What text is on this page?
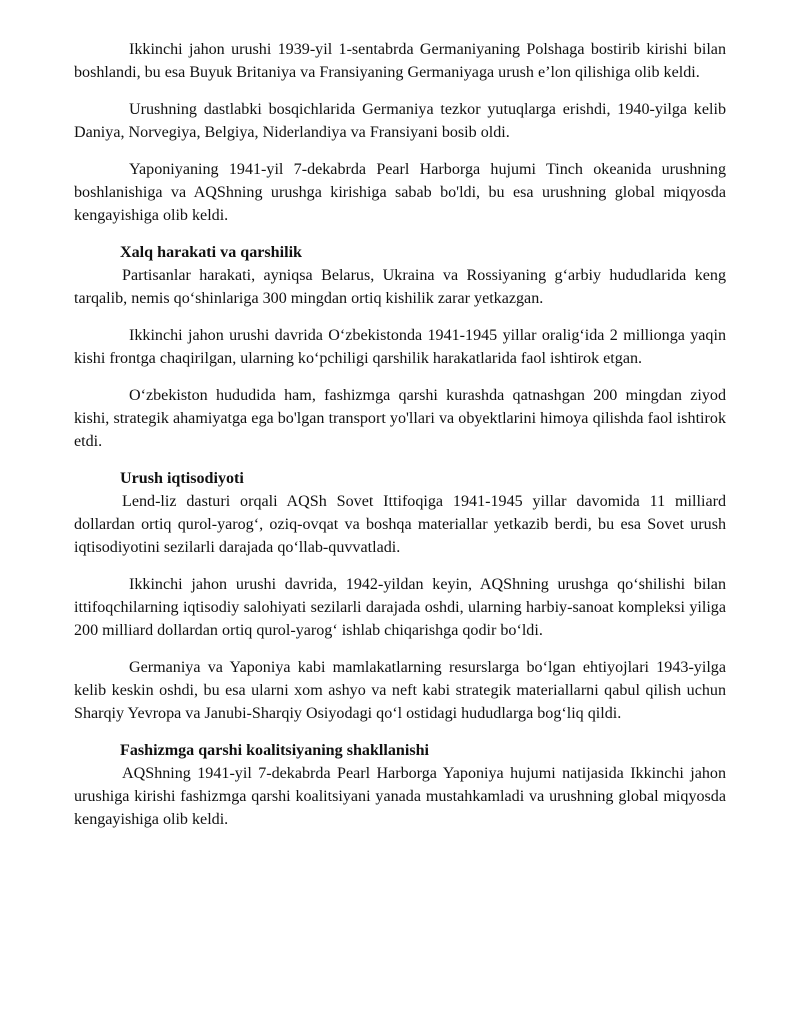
Ikkinchi jahon urushi 1939-yil 1-sentabrda Germaniyaning Polshaga bostirib kirishi bilan boshlandi, bu esa Buyuk Britaniya va Fransiyaning Germaniyaga urush e’lon qilishiga olib keldi.

Urushning dastlabki bosqichlarida Germaniya tezkor yutuqlarga erishdi, 1940-yilga kelib Daniya, Norvegiya, Belgiya, Niderlandiya va Fransiyani bosib oldi.

Yaponiyaning 1941-yil 7-dekabrda Pearl Harborga hujumi Tinch okeanida urushning boshlanishiga va AQShning urushga kirishiga sabab bo'ldi, bu esa urushning global miqyosda kengayishiga olib keldi.

Xalq harakati va qarshilik

Partisanlar harakati, ayniqsa Belarus, Ukraina va Rossiyaning g‘arbiy hududlarida keng tarqalib, nemis qo‘shinlariga 300 mingdan ortiq kishilik zarar yetkazgan.

Ikkinchi jahon urushi davrida O‘zbekistonda 1941-1945 yillar oralig‘ida 2 millionga yaqin kishi frontga chaqirilgan, ularning ko‘pchiligi qarshilik harakatlarida faol ishtirok etgan.

O‘zbekiston hududida ham, fashizmga qarshi kurashda qatnashgan 200 mingdan ziyod kishi, strategik ahamiyatga ega bo'lgan transport yo'llari va obyektlarini himoya qilishda faol ishtirok etdi.

Urush iqtisodiyoti

Lend-liz dasturi orqali AQSh Sovet Ittifoqiga 1941-1945 yillar davomida 11 milliard dollardan ortiq qurol-yarog‘, oziq-ovqat va boshqa materiallar yetkazib berdi, bu esa Sovet urush iqtisodiyotini sezilarli darajada qo‘llab-quvvatladi.

Ikkinchi jahon urushi davrida, 1942-yildan keyin, AQShning urushga qo‘shilishi bilan ittifoqchilarning iqtisodiy salohiyati sezilarli darajada oshdi, ularning harbiy-sanoat kompleksi yiliga 200 milliard dollardan ortiq qurol-yarog‘ ishlab chiqarishga qodir bo‘ldi.

Germaniya va Yaponiya kabi mamlakatlarning resurslarga bo‘lgan ehtiyojlari 1943-yilga kelib keskin oshdi, bu esa ularni xom ashyo va neft kabi strategik materiallarni qabul qilish uchun Sharqiy Yevropa va Janubi-Sharqiy Osiyodagi qo‘l ostidagi hududlarga bog‘liq qildi.

Fashizmga qarshi koalitsiyaning shakllanishi

AQShning 1941-yil 7-dekabrda Pearl Harborga Yaponiya hujumi natijasida Ikkinchi jahon urushiga kirishi fashizmga qarshi koalitsiyani yanada mustahkamladi va urushning global miqyosda kengayishiga olib keldi.
